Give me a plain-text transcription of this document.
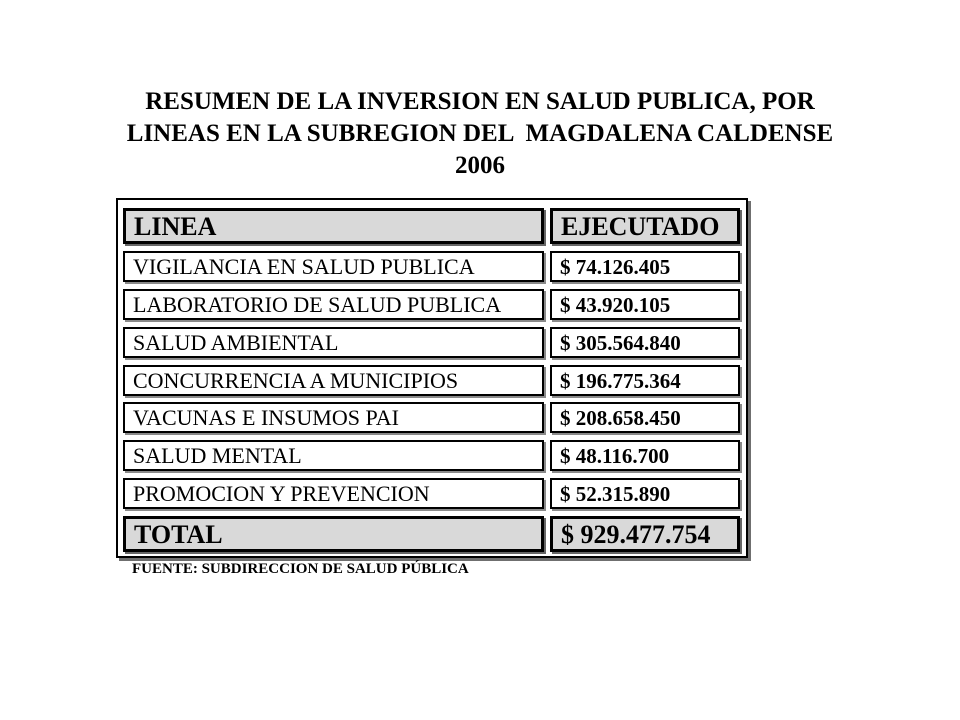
RESUMEN DE LA INVERSION EN SALUD PUBLICA, POR
LINEAS EN LA SUBREGION DEL  MAGDALENA CALDENSE
2006
LINEA	EJECUTADO
VIGILANCIA EN SALUD PUBLICA	$ 74.126.405
LABORATORIO DE SALUD PUBLICA	$ 43.920.105
SALUD AMBIENTAL	$ 305.564.840
CONCURRENCIA A MUNICIPIOS	$ 196.775.364
VACUNAS E INSUMOS PAI	$ 208.658.450
SALUD MENTAL	$ 48.116.700
PROMOCION Y PREVENCION	$ 52.315.890
TOTAL	$ 929.477.754
FUENTE: SUBDIRECCION DE SALUD PÚBLICA
